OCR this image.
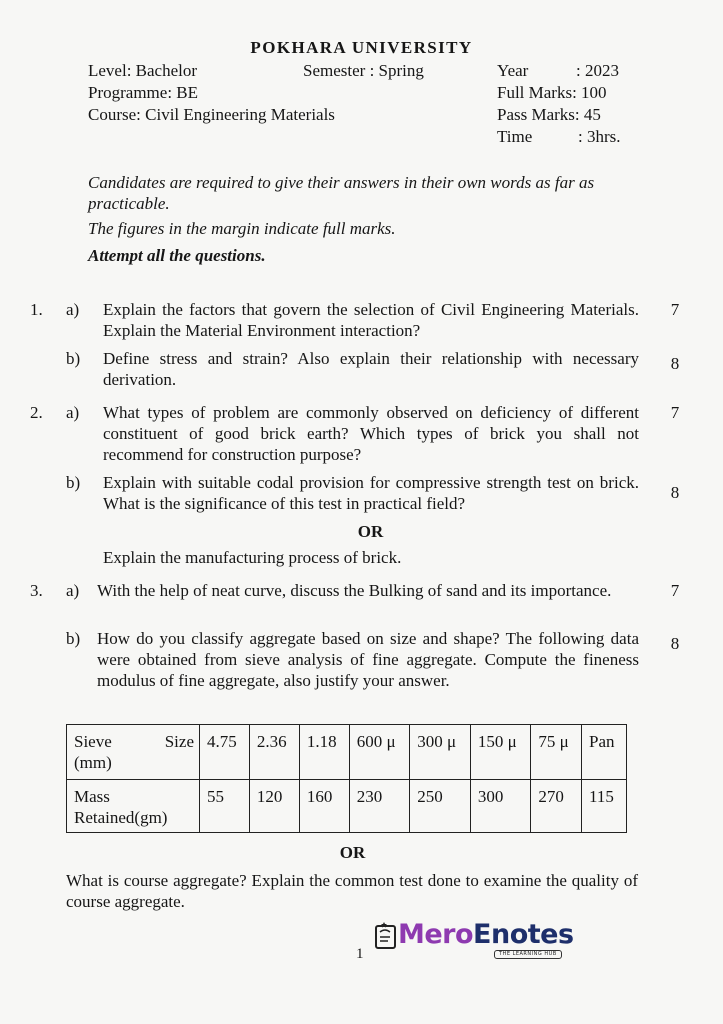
POKHARA UNIVERSITY
Level: Bachelor	Semester : Spring	Year	: 2023
Programme: BE	Full Marks: 100
Course: Civil Engineering Materials	Pass Marks: 45
Time	: 3hrs.
Candidates are required to give their answers in their own words as far as practicable.
The figures in the margin indicate full marks.
Attempt all the questions.
1. a) Explain the factors that govern the selection of Civil Engineering Materials. Explain the Material Environment interaction?
7
b) Define stress and strain? Also explain their relationship with necessary derivation.
8
2. a) What types of problem are commonly observed on deficiency of different constituent of good brick earth? Which types of brick you shall not recommend for construction purpose?
7
b) Explain with suitable codal provision for compressive strength test on brick. What is the significance of this test in practical field?
8
OR
Explain the manufacturing process of brick.
3. a) With the help of neat curve, discuss the Bulking of sand and its importance.	7
b) How do you classify aggregate based on size and shape? The following data were obtained from sieve analysis of fine aggregate. Compute the fineness modulus of fine aggregate, also justify your answer.
8
Sieve Size
(mm)	4.75	2.36	1.18	600 μ	300 μ	150 μ	75 μ	Pan
Mass Retained(gm)	55	120	160	230	250	300	270	115
OR
What is course aggregate? Explain the common test done to examine the quality of course aggregate.
1
MeroEnotes
THE LEARNING HUB
